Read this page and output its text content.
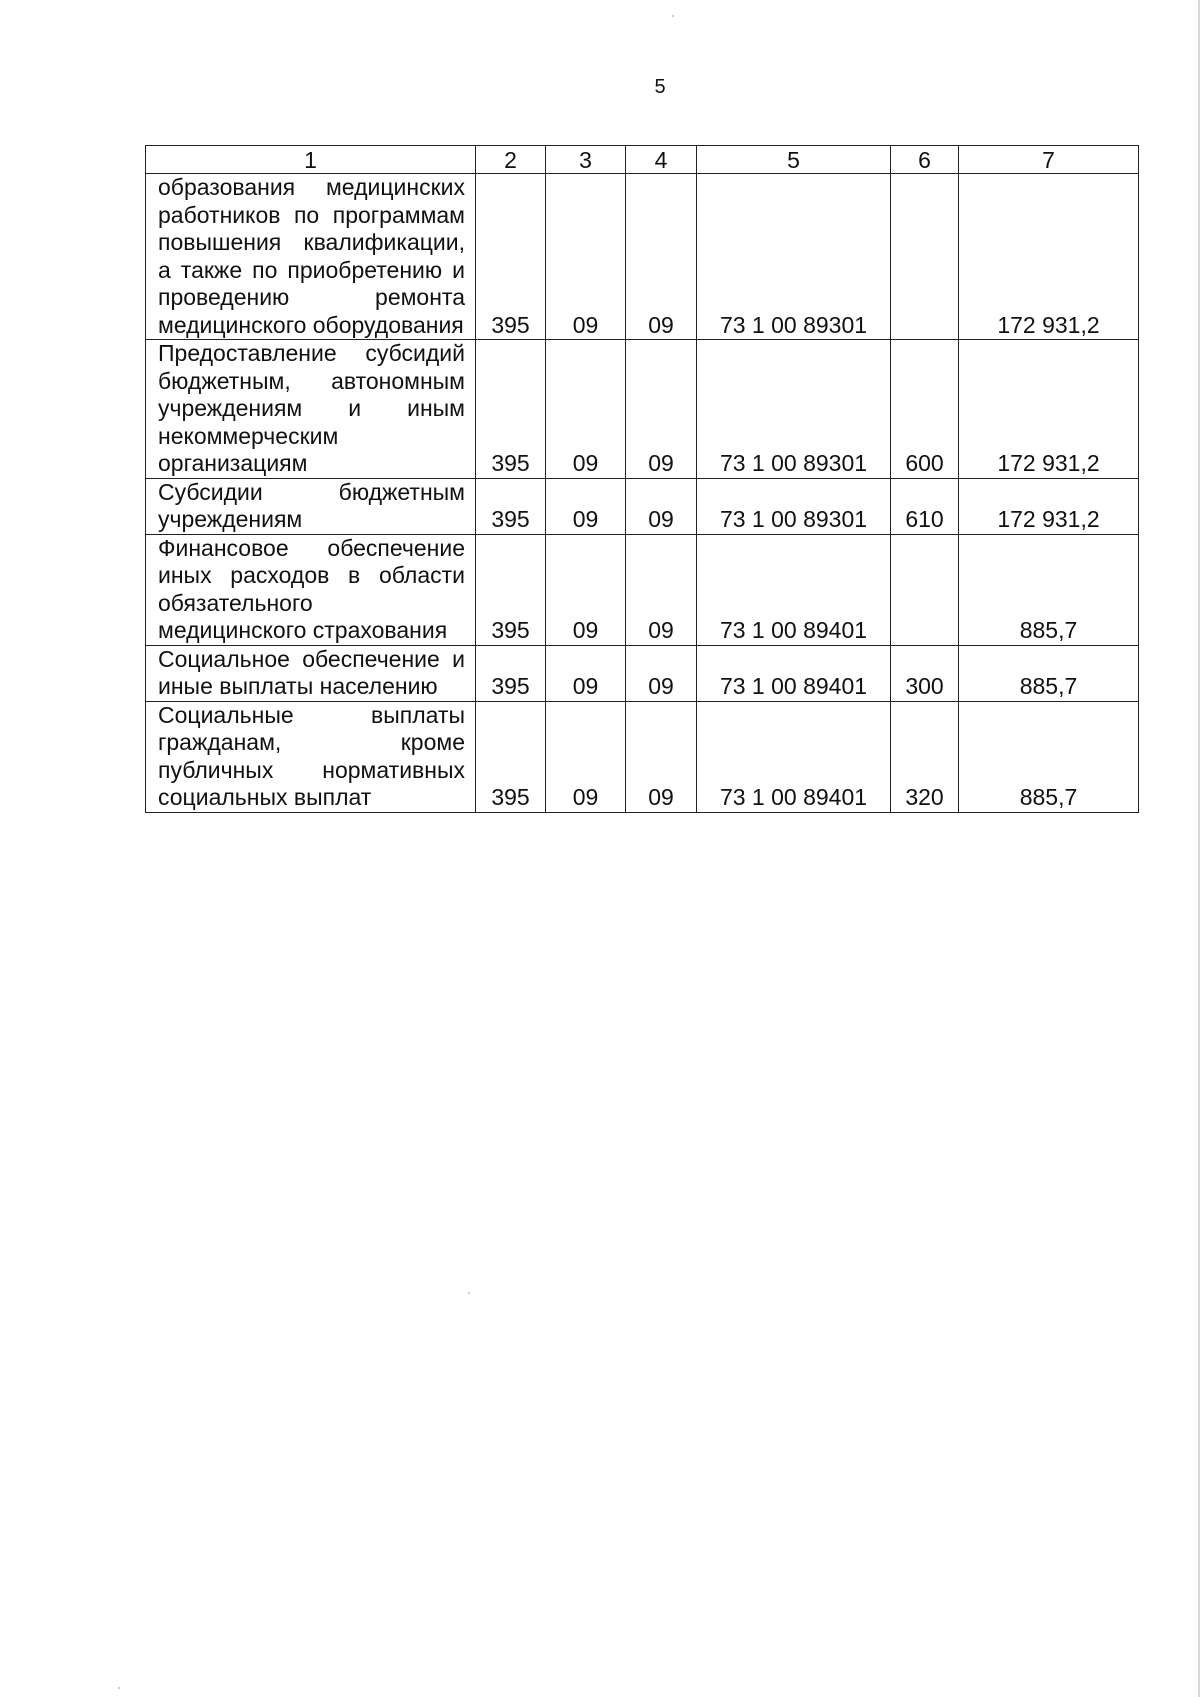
5
1	2	3	4	5	6	7
образования медицинских работников по программам повышения квалификации, а также по приобретению и проведению ремонта медицинского оборудования	395	09	09	73 1 00 89301		172 931,2
Предоставление субсидий бюджетным, автономным учреждениям и иным некоммерческим организациям	395	09	09	73 1 00 89301	600	172 931,2
Субсидии бюджетным учреждениям	395	09	09	73 1 00 89301	610	172 931,2
Финансовое обеспечение иных расходов в области обязательного медицинского страхования	395	09	09	73 1 00 89401		885,7
Социальное обеспечение и иные выплаты населению	395	09	09	73 1 00 89401	300	885,7
Социальные выплаты гражданам, кроме публичных нормативных социальных выплат	395	09	09	73 1 00 89401	320	885,7
